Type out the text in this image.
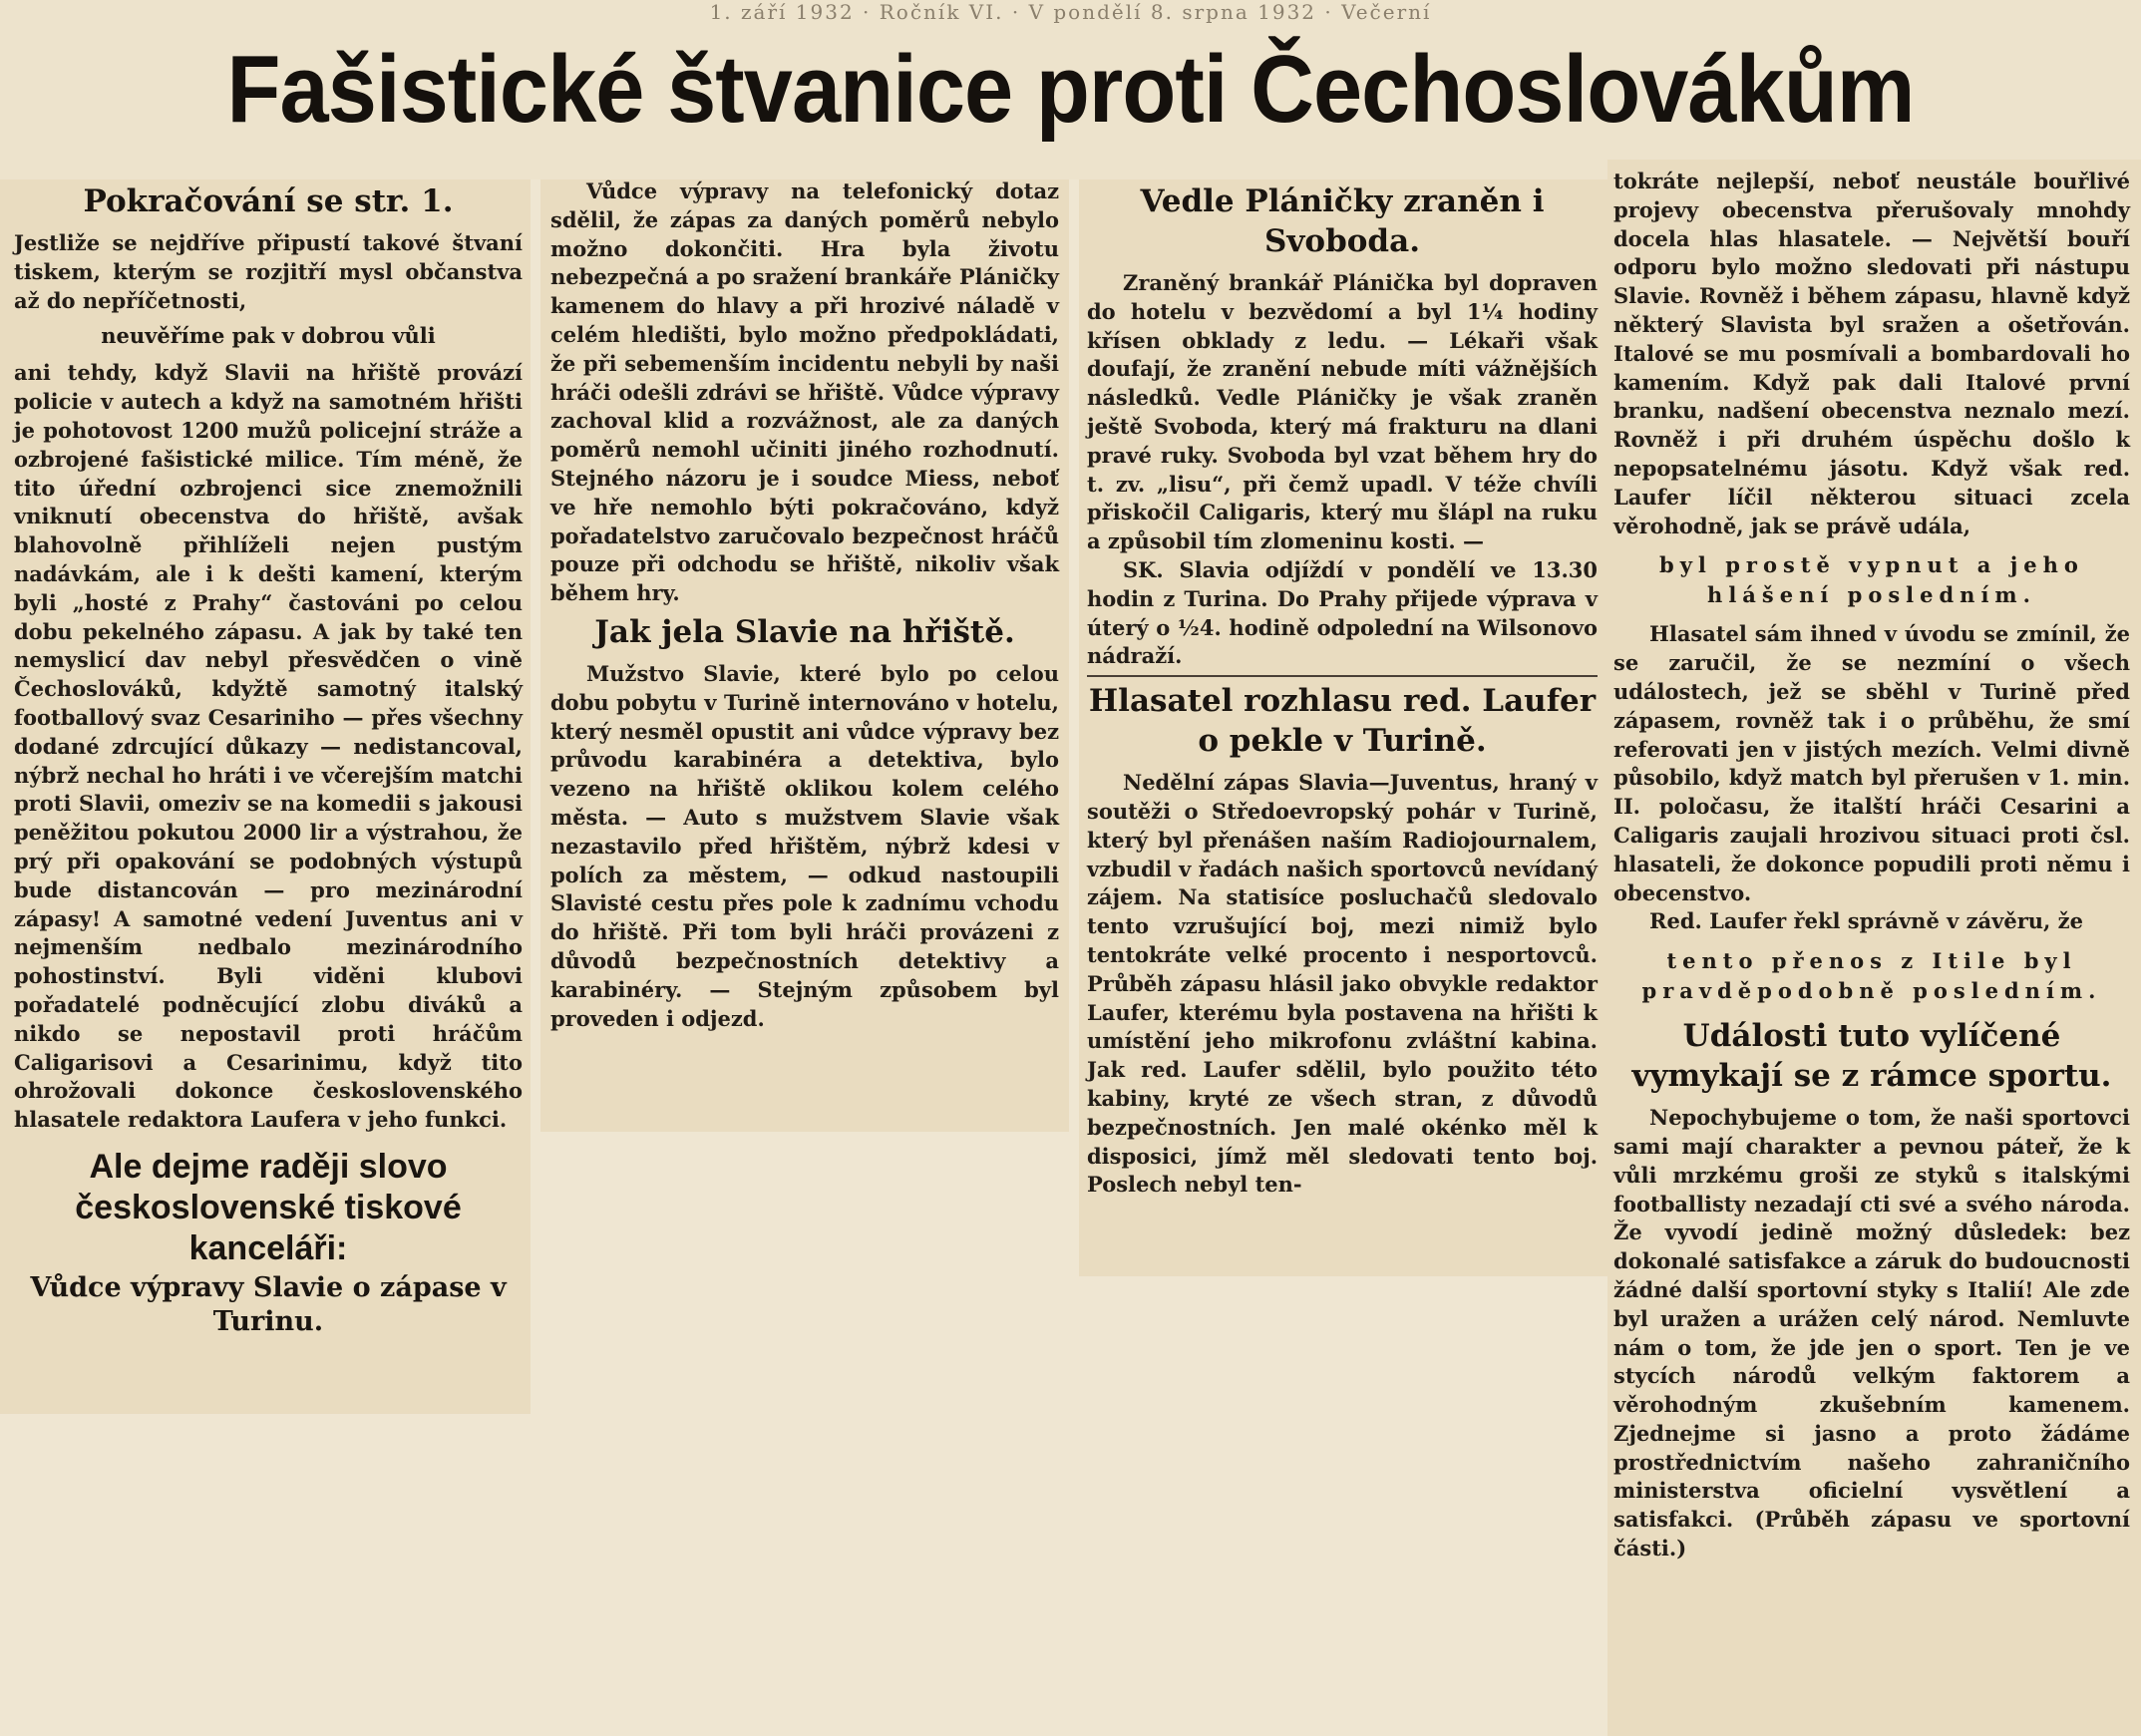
1. září 1932 · Ročník VI. · V pondělí 8. srpna 1932 · Večerní
Fašistické štvanice proti Čechoslovákům
Pokračování se str. 1.

Jestliže se nejdříve připustí takové štvaní tiskem, kterým se rozjitří mysl občanstva až do nepříčetnosti,

neuvěříme pak v dobrou vůli

ani tehdy, když Slavii na hřiště provází policie v autech a když na samotném hřišti je pohotovost 1200 mužů policejní stráže a ozbrojené fašistické milice. Tím méně, že tito úřední ozbrojenci sice znemožnili vniknutí obecenstva do hřiště, avšak blahovolně přihlíželi nejen pustým nadávkám, ale i k dešti kamení, kterým byli „hosté z Prahy“ častováni po celou dobu pekelného zápasu. A jak by také ten nemyslicí dav nebyl přesvědčen o vině Čechoslováků, kdyžtě samotný italský footballový svaz Cesariniho — přes všechny dodané zdrcující důkazy — nedistancoval, nýbrž nechal ho hráti i ve včerejším matchi proti Slavii, omeziv se na komedii s jakousi peněžitou pokutou 2000 lir a výstrahou, že prý při opakování se podobných výstupů bude distancován — pro mezinárodní zápasy! A samotné vedení Juventus ani v nejmenším nedbalo mezinárodního pohostinství. Byli viděni klubovi pořadatelé podněcující zlobu diváků a nikdo se nepostavil proti hráčům Caligarisovi a Cesarinimu, když tito ohrožovali dokonce československého hlasatele redaktora Laufera v jeho funkci.

Ale dejme raději slovo československé tiskové kanceláři:
Vůdce výpravy Slavie o zápase v Turinu.

Vůdce výpravy na telefonický dotaz sdělil, že zápas za daných poměrů nebylo možno dokončiti. Hra byla životu nebezpečná a po sražení brankáře Pláničky kamenem do hlavy a při hrozivé náladě v celém hledišti, bylo možno předpokládati, že při sebemenším incidentu nebyli by naši hráči odešli zdrávi se hřiště. Vůdce výpravy zachoval klid a rozvážnost, ale za daných poměrů nemohl učiniti jiného rozhodnutí. Stejného názoru je i soudce Miess, neboť ve hře nemohlo býti pokračováno, když pořadatelstvo zaručovalo bezpečnost hráčů pouze při odchodu se hřiště, nikoliv však během hry.

Jak jela Slavie na hřiště.

Mužstvo Slavie, které bylo po celou dobu pobytu v Turině internováno v hotelu, který nesměl opustit ani vůdce výpravy bez průvodu karabinéra a detektiva, bylo vezeno na hřiště oklikou kolem celého města. — Auto s mužstvem Slavie však nezastavilo před hřištěm, nýbrž kdesi v polích za městem, — odkud nastoupili Slavisté cestu přes pole k zadnímu vchodu do hřiště. Při tom byli hráči provázeni z důvodů bezpečnostních detektivy a karabinéry. — Stejným způsobem byl proveden i odjezd.

Vedle Pláničky zraněn i Svoboda.

Zraněný brankář Plánička byl dopraven do hotelu v bezvědomí a byl 1¼ hodiny křísen obklady z ledu. — Lékaři však doufají, že zranění nebude míti vážnějších následků. Vedle Pláničky je však zraněn ještě Svoboda, který má frakturu na dlani pravé ruky. Svoboda byl vzat během hry do t. zv. „lisu“, při čemž upadl. V téže chvíli přiskočil Caligaris, který mu šlápl na ruku a způsobil tím zlomeninu kosti. —

SK. Slavia odjíždí v pondělí ve 13.30 hodin z Turina. Do Prahy přijede výprava v úterý o ½4. hodině odpolední na Wilsonovo nádraží.

Hlasatel rozhlasu red. Laufer o pekle v Turině.

Nedělní zápas Slavia—Juventus, hraný v soutěži o Středoevropský pohár v Turině, který byl přenášen naším Radiojournalem, vzbudil v řadách našich sportovců nevídaný zájem. Na statisíce posluchačů sledovalo tento vzrušující boj, mezi nimiž bylo tentokráte velké procento i nesportovců. Průběh zápasu hlásil jako obvykle redaktor Laufer, kterému byla postavena na hřišti k umístění jeho mikrofonu zvláštní kabina. Jak red. Laufer sdělil, bylo použito této kabiny, kryté ze všech stran, z důvodů bezpečnostních. Jen malé okénko měl k disposici, jímž měl sledovati tento boj. Poslech nebyl ten-

tokráte nejlepší, neboť neustále bouřlivé projevy obecenstva přerušovaly mnohdy docela hlas hlasatele. — Největší bouří odporu bylo možno sledovati při nástupu Slavie. Rovněž i během zápasu, hlavně když některý Slavista byl sražen a ošetřován. Italové se mu posmívali a bombardovali ho kamením. Když pak dali Italové první branku, nadšení obecenstva neznalo mezí. Rovněž i při druhém úspěchu došlo k nepopsatelnému jásotu. Když však red. Laufer líčil některou situaci zcela věrohodně, jak se právě udála,

byl prostě vypnut a jeho hlášení posledním.

Hlasatel sám ihned v úvodu se zmínil, že se zaručil, že se nezmíní o všech událostech, jež se sběhl v Turině před zápasem, rovněž tak i o průběhu, že smí referovati jen v jistých mezích. Velmi divně působilo, když match byl přerušen v 1. min. II. poločasu, že italští hráči Cesarini a Caligaris zaujali hrozivou situaci proti čsl. hlasateli, že dokonce popudili proti němu i obecenstvo.

Red. Laufer řekl správně v závěru, že

tento přenos z Itile byl pravděpodobně posledním.
Události tuto vylíčené vymykají se z rámce sportu.

Nepochybujeme o tom, že naši sportovci sami mají charakter a pevnou páteř, že k vůli mrzkému groši ze styků s italskými footballisty nezadají cti své a svého národa. Že vyvodí jedině možný důsledek: bez dokonalé satisfakce a záruk do budoucnosti žádné další sportovní styky s Italií! Ale zde byl uražen a urážen celý národ. Nemluvte nám o tom, že jde jen o sport. Ten je ve stycích národů velkým faktorem a věrohodným zkušebním kamenem. Zjednejme si jasno a proto žádáme prostřednictvím našeho zahraničního ministerstva oficielní vysvětlení a satisfakci. (Průběh zápasu ve sportovní části.)
